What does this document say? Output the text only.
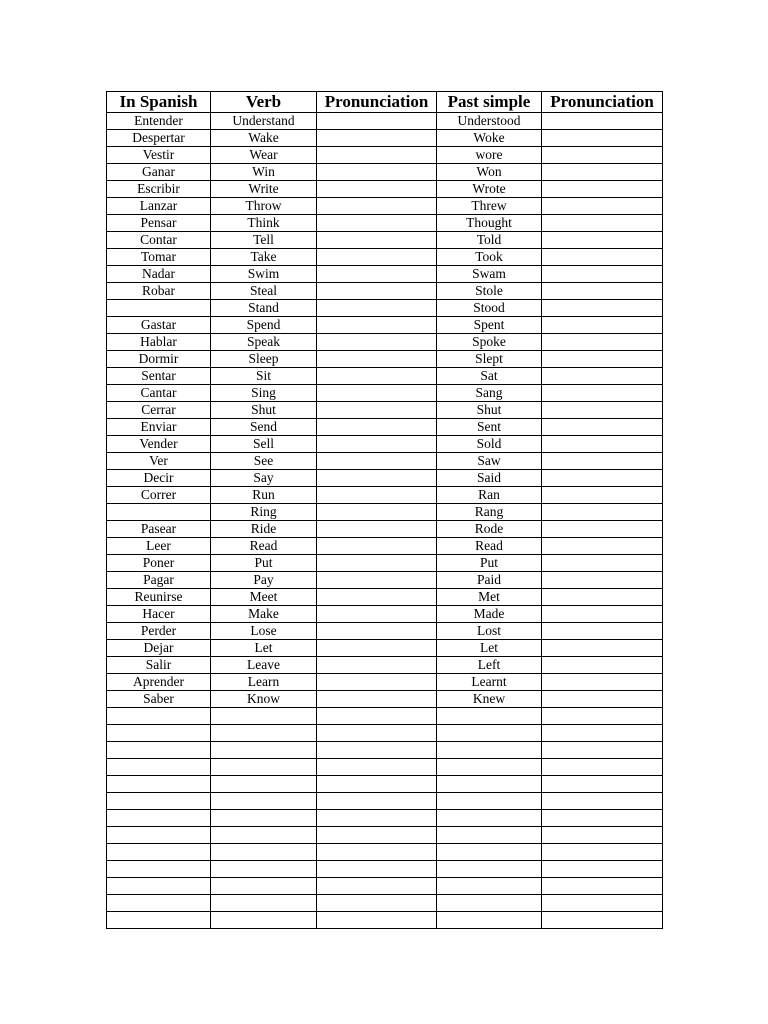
In Spanish	Verb	Pronunciation	Past simple	Pronunciation
Entender	Understand		Understood	
Despertar	Wake		Woke	
Vestir	Wear		wore	
Ganar	Win		Won	
Escribir	Write		Wrote	
Lanzar	Throw		Threw	
Pensar	Think		Thought	
Contar	Tell		Told	
Tomar	Take		Took	
Nadar	Swim		Swam	
Robar	Steal		Stole	
	Stand		Stood	
Gastar	Spend		Spent	
Hablar	Speak		Spoke	
Dormir	Sleep		Slept	
Sentar	Sit		Sat	
Cantar	Sing		Sang	
Cerrar	Shut		Shut	
Enviar	Send		Sent	
Vender	Sell		Sold	
Ver	See		Saw	
Decir	Say		Said	
Correr	Run		Ran	
	Ring		Rang	
Pasear	Ride		Rode	
Leer	Read		Read	
Poner	Put		Put	
Pagar	Pay		Paid	
Reunirse	Meet		Met	
Hacer	Make		Made	
Perder	Lose		Lost	
Dejar	Let		Let	
Salir	Leave		Left	
Aprender	Learn		Learnt	
Saber	Know		Knew	
